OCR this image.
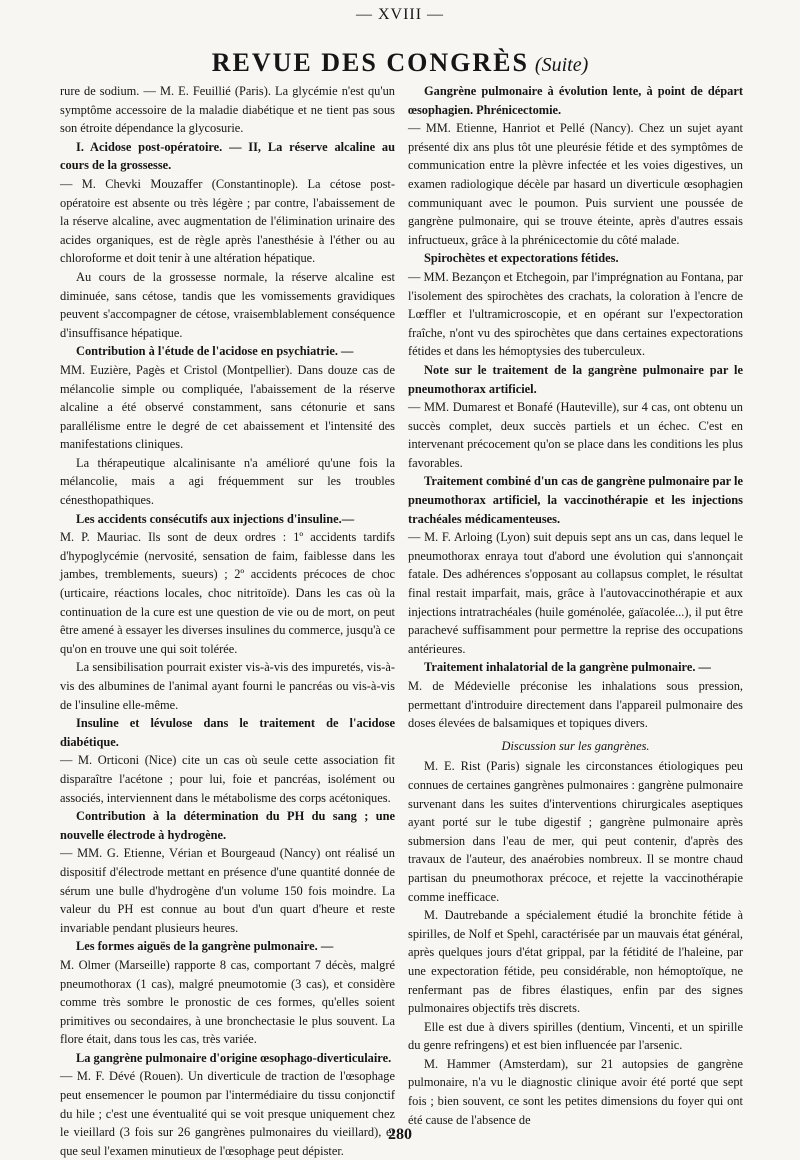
— XVIII —
REVUE DES CONGRÈS (Suite)

rure de sodium. — M. E. Feuillié (Paris). La glycémie n'est qu'un symptôme accessoire de la maladie diabétique et ne tient pas sous son étroite dépendance la glycosurie.

I. Acidose post-opératoire. — II, La réserve alcaline au cours de la grossesse.

— M. Chevki Mouzaffer (Constantinople). La cétose post-opératoire est absente ou très légère ; par contre, l'abaissement de la réserve alcaline, avec augmentation de l'élimination urinaire des acides organiques, est de règle après l'anesthésie à l'éther ou au chloroforme et doit tenir à une altération hépatique.

Au cours de la grossesse normale, la réserve alcaline est diminuée, sans cétose, tandis que les vomissements gravidiques peuvent s'accompagner de cétose, vraisemblablement conséquence d'insuffisance hépatique.

Contribution à l'étude de l'acidose en psychiatrie. —

MM. Euzière, Pagès et Cristol (Montpellier). Dans douze cas de mélancolie simple ou compliquée, l'abaissement de la réserve alcaline a été observé constamment, sans cétonurie et sans parallélisme entre le degré de cet abaissement et l'intensité des manifestations cliniques.

La thérapeutique alcalinisante n'a amélioré qu'une fois la mélancolie, mais a agi fréquemment sur les troubles cénesthopathiques.

Les accidents consécutifs aux injections d'insuline.—

M. P. Mauriac. Ils sont de deux ordres : 1º accidents tardifs d'hypoglycémie (nervosité, sensation de faim, faiblesse dans les jambes, tremblements, sueurs) ; 2º accidents précoces de choc (urticaire, réactions locales, choc nitritoïde). Dans les cas où la continuation de la cure est une question de vie ou de mort, on peut être amené à essayer les diverses insulines du commerce, jusqu'à ce qu'on en trouve une qui soit tolérée.

La sensibilisation pourrait exister vis-à-vis des impuretés, vis-à-vis des albumines de l'animal ayant fourni le pancréas ou vis-à-vis de l'insuline elle-même.

Insuline et lévulose dans le traitement de l'acidose diabétique.

— M. Orticoni (Nice) cite un cas où seule cette association fit disparaître l'acétone ; pour lui, foie et pancréas, isolément ou associés, interviennent dans le métabolisme des corps acétoniques.

Contribution à la détermination du PH du sang ; une nouvelle électrode à hydrogène.

— MM. G. Etienne, Vérian et Bourgeaud (Nancy) ont réalisé un dispositif d'électrode mettant en présence d'une quantité donnée de sérum une bulle d'hydrogène d'un volume 150 fois moindre. La valeur du PH est connue au bout d'un quart d'heure et reste invariable pendant plusieurs heures.

Les formes aiguës de la gangrène pulmonaire. —

M. Olmer (Marseille) rapporte 8 cas, comportant 7 décès, malgré pneumothorax (1 cas), malgré pneumotomie (3 cas), et considère comme très sombre le pronostic de ces formes, qu'elles soient primitives ou secondaires, à une bronchectasie le plus souvent. La flore était, dans tous les cas, très variée.

La gangrène pulmonaire d'origine œsophago-diverticulaire.

— M. F. Dévé (Rouen). Un diverticule de traction de l'œsophage peut ensemencer le poumon par l'intermédiaire du tissu conjonctif du hile ; c'est une éventualité qui se voit presque uniquement chez le vieillard (3 fois sur 26 gangrènes pulmonaires du vieillard), et que seul l'examen minutieux de l'œsophage peut dépister.

Gangrène pulmonaire à évolution lente, à point de départ œsophagien. Phrénicectomie.

— MM. Etienne, Hanriot et Pellé (Nancy). Chez un sujet ayant présenté dix ans plus tôt une pleurésie fétide et des symptômes de communication entre la plèvre infectée et les voies digestives, un examen radiologique décèle par hasard un diverticule œsophagien communiquant avec le poumon. Puis survient une poussée de gangrène pulmonaire, qui se trouve éteinte, après d'autres essais infructueux, grâce à la phrénicectomie du côté malade.

Spirochètes et expectorations fétides.

— MM. Bezançon et Etchegoin, par l'imprégnation au Fontana, par l'isolement des spirochètes des crachats, la coloration à l'encre de Lœffler et l'ultramicroscopie, et en opérant sur l'expectoration fraîche, n'ont vu des spirochètes que dans certaines expectorations fétides et dans les hémoptysies des tuberculeux.

Note sur le traitement de la gangrène pulmonaire par le pneumothorax artificiel.

— MM. Dumarest et Bonafé (Hauteville), sur 4 cas, ont obtenu un succès complet, deux succès partiels et un échec. C'est en intervenant précocement qu'on se place dans les conditions les plus favorables.

Traitement combiné d'un cas de gangrène pulmonaire par le pneumothorax artificiel, la vaccinothérapie et les injections trachéales médicamenteuses.

— M. F. Arloing (Lyon) suit depuis sept ans un cas, dans lequel le pneumothorax enraya tout d'abord une évolution qui s'annonçait fatale. Des adhérences s'opposant au collapsus complet, le résultat final restait imparfait, mais, grâce à l'autovaccinothérapie et aux injections intratrachéales (huile goménolée, gaïacolée...), il put être parachevé suffisamment pour permettre la reprise des occupations antérieures.

Traitement inhalatorial de la gangrène pulmonaire. —

M. de Médevielle préconise les inhalations sous pression, permettant d'introduire directement dans l'appareil pulmonaire des doses élevées de balsamiques et topiques divers.

Discussion sur les gangrènes.

M. E. Rist (Paris) signale les circonstances étiologiques peu connues de certaines gangrènes pulmonaires : gangrène pulmonaire survenant dans les suites d'interventions chirurgicales aseptiques ayant porté sur le tube digestif ; gangrène pulmonaire après submersion dans l'eau de mer, qui peut contenir, d'après des travaux de l'auteur, des anaérobies nombreux. Il se montre chaud partisan du pneumothorax précoce, et rejette la vaccinothérapie comme inefficace.

M. Dautrebande a spécialement étudié la bronchite fétide à spirilles, de Nolf et Spehl, caractérisée par un mauvais état général, après quelques jours d'état grippal, par la fétidité de l'haleine, par une expectoration fétide, peu considérable, non hémoptoïque, ne renfermant pas de fibres élastiques, enfin par des signes pulmonaires objectifs très discrets.

Elle est due à divers spirilles (dentium, Vincenti, et un spirille du genre refringens) et est bien influencée par l'arsenic.

M. Hammer (Amsterdam), sur 21 autopsies de gangrène pulmonaire, n'a vu le diagnostic clinique avoir été porté que sept fois ; bien souvent, ce sont les petites dimensions du foyer qui ont été cause de l'absence de

280
